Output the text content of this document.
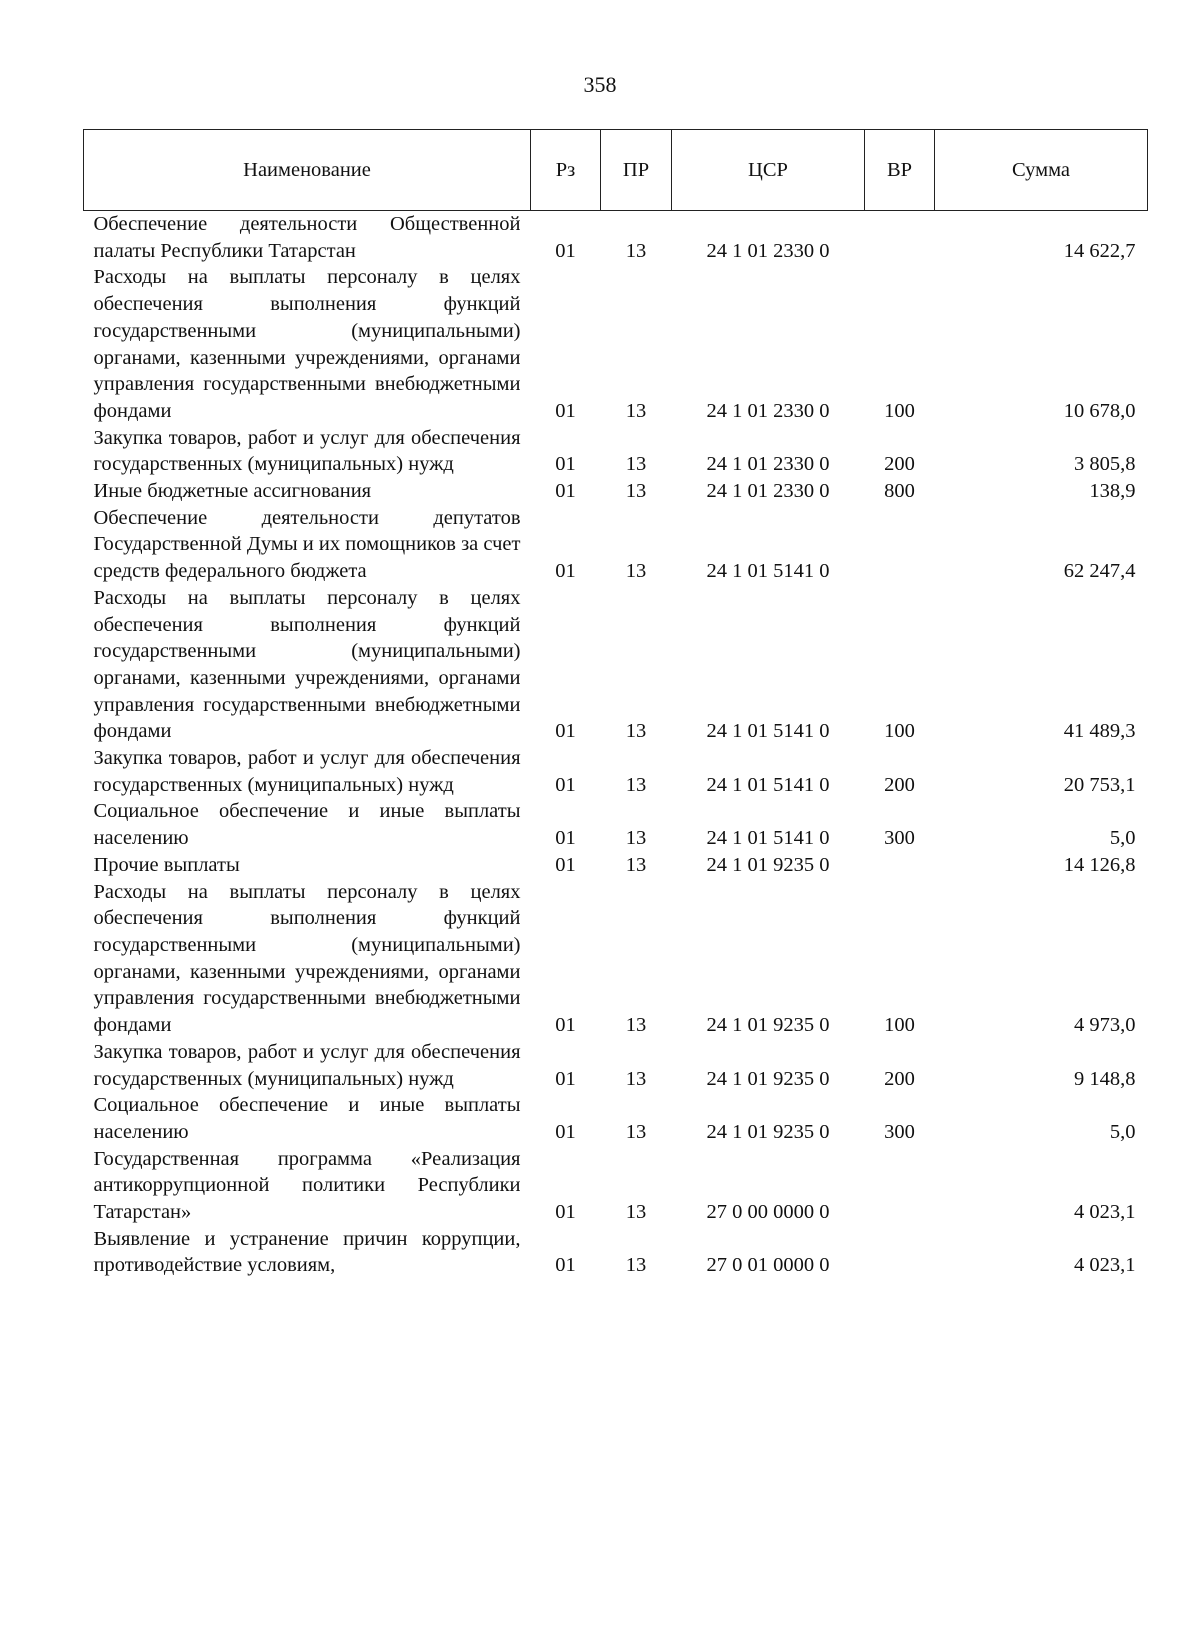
358
Наименование	Рз	ПР	ЦСР	ВР	Сумма
Обеспечение деятельности Общественной палаты Республики Татарстан	01	13	24 1 01 2330 0		14 622,7
Расходы на выплаты персоналу в целях обеспечения выполнения функций государственными (муниципальными) органами, казенными учреждениями, органами управления государственными внебюджетными фондами	01	13	24 1 01 2330 0	100	10 678,0
Закупка товаров, работ и услуг для обеспечения государственных (муниципальных) нужд	01	13	24 1 01 2330 0	200	3 805,8
Иные бюджетные ассигнования	01	13	24 1 01 2330 0	800	138,9
Обеспечение деятельности депутатов Государственной Думы и их помощников за счет средств федерального бюджета	01	13	24 1 01 5141 0		62 247,4
Расходы на выплаты персоналу в целях обеспечения выполнения функций государственными (муниципальными) органами, казенными учреждениями, органами управления государственными внебюджетными фондами	01	13	24 1 01 5141 0	100	41 489,3
Закупка товаров, работ и услуг для обеспечения государственных (муниципальных) нужд	01	13	24 1 01 5141 0	200	20 753,1
Социальное обеспечение и иные выплаты населению	01	13	24 1 01 5141 0	300	5,0
Прочие выплаты	01	13	24 1 01 9235 0		14 126,8
Расходы на выплаты персоналу в целях обеспечения выполнения функций государственными (муниципальными) органами, казенными учреждениями, органами управления государственными внебюджетными фондами	01	13	24 1 01 9235 0	100	4 973,0
Закупка товаров, работ и услуг для обеспечения государственных (муниципальных) нужд	01	13	24 1 01 9235 0	200	9 148,8
Социальное обеспечение и иные выплаты населению	01	13	24 1 01 9235 0	300	5,0
Государственная программа «Реализация антикоррупционной политики Республики Татарстан»	01	13	27 0 00 0000 0		4 023,1
Выявление и устранение причин коррупции, противодействие условиям,	01	13	27 0 01 0000 0		4 023,1
